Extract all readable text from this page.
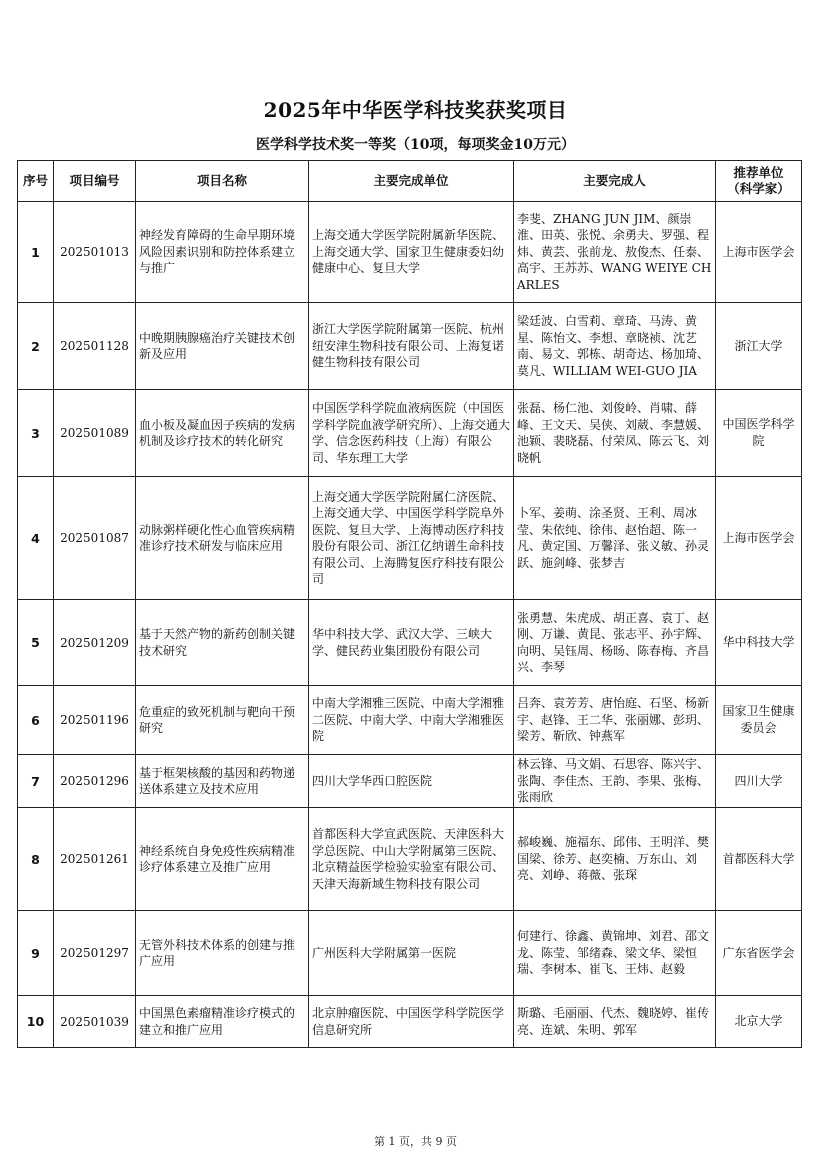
2025年中华医学科技奖获奖项目
医学科学技术奖一等奖（10项，每项奖金10万元）
序号	项目编号	项目名称	主要完成单位	主要完成人	推荐单位
（科学家）
1	202501013	神经发育障碍的生命早期环境风险因素识别和防控体系建立与推广	上海交通大学医学院附属新华医院、上海交通大学、国家卫生健康委妇幼健康中心、复旦大学	李斐、ZHANG JUN JIM、颜崇淮、田英、张悦、余勇夫、罗强、程炜、黄芸、张前龙、敖俊杰、任泰、高宇、王苏苏、WANG WEIYE CHARLES	上海市医学会
2	202501128	中晚期胰腺癌治疗关键技术创新及应用	浙江大学医学院附属第一医院、杭州纽安津生物科技有限公司、上海复诺健生物科技有限公司	梁廷波、白雪莉、章琦、马涛、黄星、陈怡文、李想、章晓祯、沈艺南、易文、郭栋、胡奇达、杨加琦、莫凡、WILLIAM WEI-GUO JIA	浙江大学
3	202501089	血小板及凝血因子疾病的发病机制及诊疗技术的转化研究	中国医学科学院血液病医院（中国医学科学院血液学研究所）、上海交通大学、信念医药科技（上海）有限公司、华东理工大学	张磊、杨仁池、刘俊岭、肖啸、薛峰、王文天、吴侠、刘葳、李慧媛、池颖、裴晓磊、付荣凤、陈云飞、刘晓帆	中国医学科学院
4	202501087	动脉粥样硬化性心血管疾病精准诊疗技术研发与临床应用	上海交通大学医学院附属仁济医院、上海交通大学、中国医学科学院阜外医院、复旦大学、上海博动医疗科技股份有限公司、浙江亿纳谱生命科技有限公司、上海腾复医疗科技有限公司	卜军、姜萌、涂圣贤、王利、周冰莹、朱依纯、徐伟、赵怡超、陈一凡、黄定国、万馨泽、张义敏、孙灵跃、施剑峰、张梦吉	上海市医学会
5	202501209	基于天然产物的新药创制关键技术研究	华中科技大学、武汉大学、三峡大学、健民药业集团股份有限公司	张勇慧、朱虎成、胡正喜、袁丁、赵刚、万谦、黄昆、张志平、孙宇辉、向明、吴钰周、杨旸、陈春梅、齐昌兴、李琴	华中科技大学
6	202501196	危重症的致死机制与靶向干预研究	中南大学湘雅三医院、中南大学湘雅二医院、中南大学、中南大学湘雅医院	吕奔、袁芳芳、唐怡庭、石坚、杨新宇、赵锋、王二华、张丽娜、彭玥、梁芳、靳欣、钟燕军	国家卫生健康委员会
7	202501296	基于框架核酸的基因和药物递送体系建立及技术应用	四川大学华西口腔医院	林云锋、马文娟、石思容、陈兴宇、张陶、李佳杰、王韵、李果、张梅、张雨欣	四川大学
8	202501261	神经系统自身免疫性疾病精准诊疗体系建立及推广应用	首都医科大学宣武医院、天津医科大学总医院、中山大学附属第三医院、北京精益医学检验实验室有限公司、天津天海新域生物科技有限公司	郝峻巍、施福东、邱伟、王明洋、樊国梁、徐芳、赵奕楠、万东山、刘亮、刘峥、蒋薇、张琛	首都医科大学
9	202501297	无管外科技术体系的创建与推广应用	广州医科大学附属第一医院	何建行、徐鑫、黄锦坤、刘君、邵文龙、陈莹、邹绪森、梁文华、梁恒瑞、李树本、崔飞、王炜、赵毅	广东省医学会
10	202501039	中国黑色素瘤精准诊疗模式的建立和推广应用	北京肿瘤医院、中国医学科学院医学信息研究所	斯璐、毛丽丽、代杰、魏晓婷、崔传亮、连斌、朱明、郭军	北京大学
第 1 页，共 9 页
